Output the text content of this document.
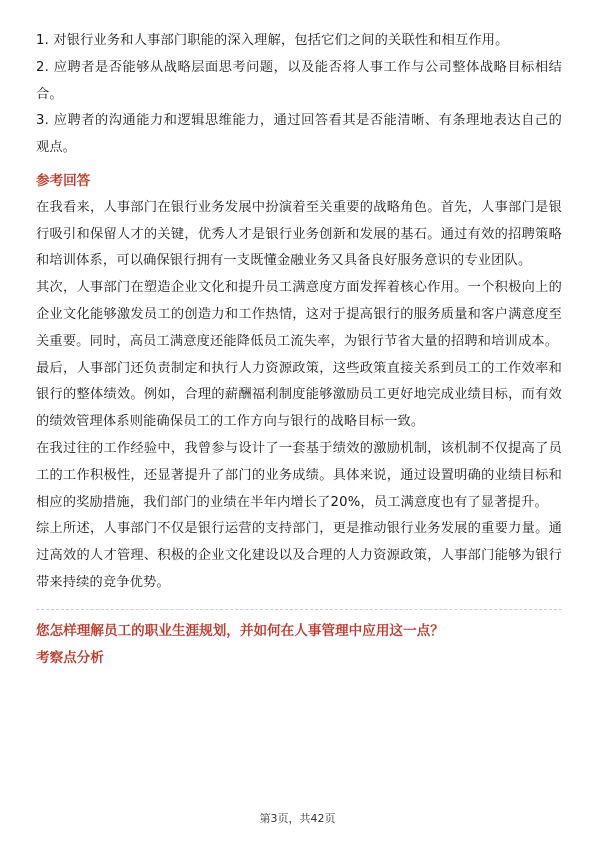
1. 对银行业务和人事部门职能的深入理解，包括它们之间的关联性和相互作用。

2. 应聘者是否能够从战略层面思考问题，以及能否将人事工作与公司整体战略目标相结合。

3. 应聘者的沟通能力和逻辑思维能力，通过回答看其是否能清晰、有条理地表达自己的观点。

参考回答

在我看来，人事部门在银行业务发展中扮演着至关重要的战略角色。首先，人事部门是银行吸引和保留人才的关键，优秀人才是银行业务创新和发展的基石。通过有效的招聘策略和培训体系，可以确保银行拥有一支既懂金融业务又具备良好服务意识的专业团队。

其次，人事部门在塑造企业文化和提升员工满意度方面发挥着核心作用。一个积极向上的企业文化能够激发员工的创造力和工作热情，这对于提高银行的服务质量和客户满意度至关重要。同时，高员工满意度还能降低员工流失率，为银行节省大量的招聘和培训成本。

最后，人事部门还负责制定和执行人力资源政策，这些政策直接关系到员工的工作效率和银行的整体绩效。例如，合理的薪酬福利制度能够激励员工更好地完成业绩目标，而有效的绩效管理体系则能确保员工的工作方向与银行的战略目标一致。

在我过往的工作经验中，我曾参与设计了一套基于绩效的激励机制，该机制不仅提高了员工的工作积极性，还显著提升了部门的业务成绩。具体来说，通过设置明确的业绩目标和相应的奖励措施，我们部门的业绩在半年内增长了20%，员工满意度也有了显著提升。

综上所述，人事部门不仅是银行运营的支持部门，更是推动银行业务发展的重要力量。通过高效的人才管理、积极的企业文化建设以及合理的人力资源政策，人事部门能够为银行带来持续的竞争优势。

您怎样理解员工的职业生涯规划，并如何在人事管理中应用这一点？

考察点分析

第3页，共42页
